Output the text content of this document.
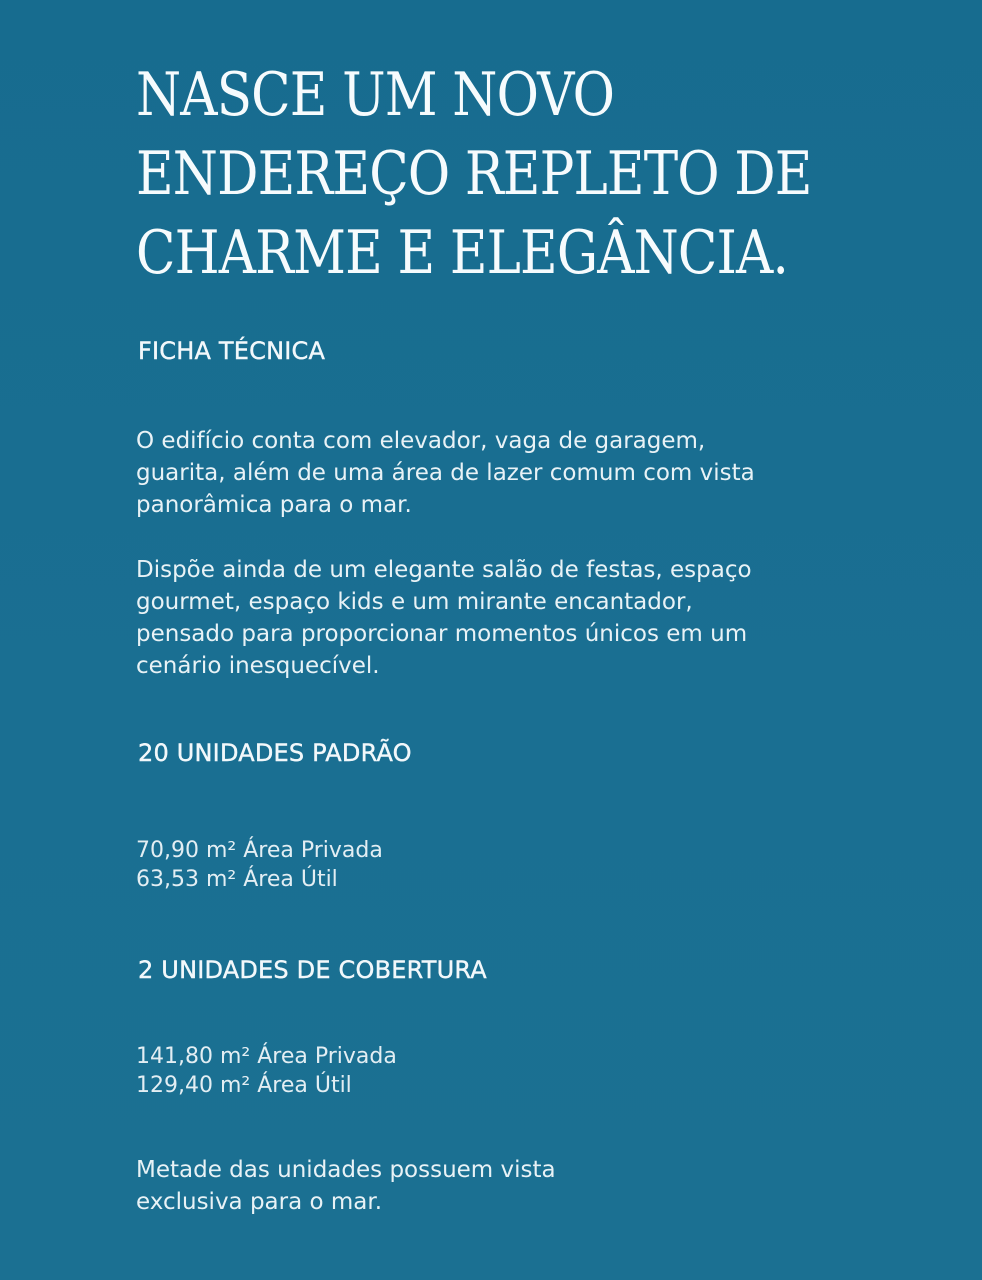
NASCE UM NOVO
ENDEREÇO REPLETO DE
CHARME E ELEGÂNCIA.
FICHA TÉCNICA

O edifício conta com elevador, vaga de garagem,
guarita, além de uma área de lazer comum com vista
panorâmica para o mar.

Dispõe ainda de um elegante salão de festas, espaço
gourmet, espaço kids e um mirante encantador,
pensado para proporcionar momentos únicos em um
cenário inesquecível.

20 UNIDADES PADRÃO

70,90 m² Área Privada
63,53 m² Área Útil

2 UNIDADES DE COBERTURA

141,80 m² Área Privada
129,40 m² Área Útil

Metade das unidades possuem vista
exclusiva para o mar.
